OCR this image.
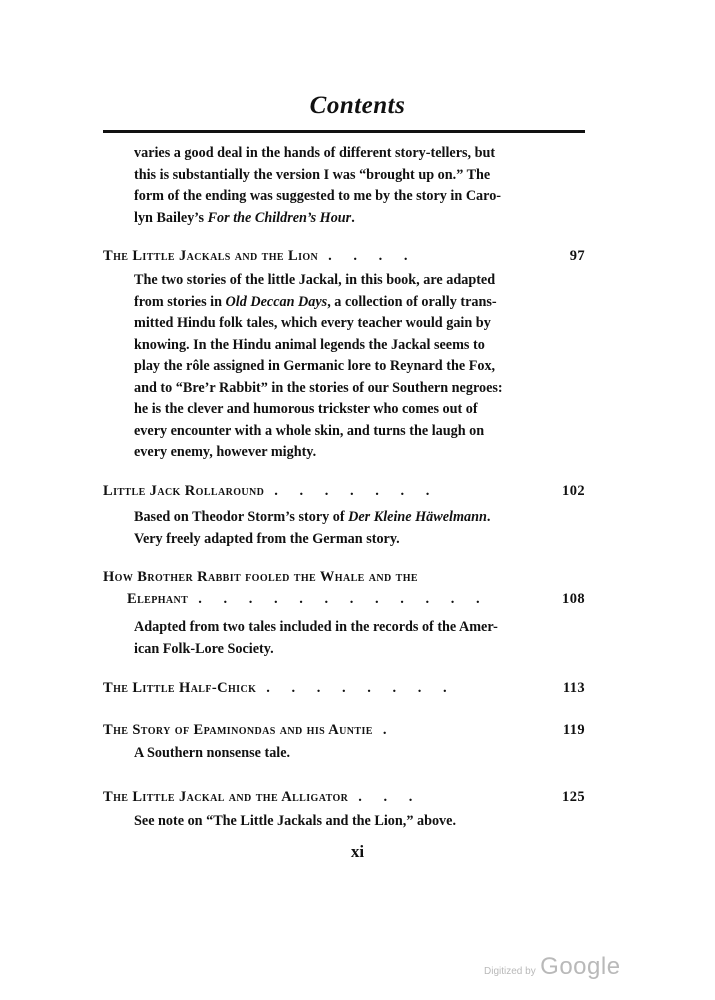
Contents
varies a good deal in the hands of different story-tellers, but
this is substantially the version I was “brought up on.” The
form of the ending was suggested to me by the story in Caro-
lyn Bailey’s For the Children’s Hour.
The Little Jackals and the Lion . . . .	97
The two stories of the little Jackal, in this book, are adapted
from stories in Old Deccan Days, a collection of orally trans-
mitted Hindu folk tales, which every teacher would gain by
knowing. In the Hindu animal legends the Jackal seems to
play the rôle assigned in Germanic lore to Reynard the Fox,
and to “Bre’r Rabbit” in the stories of our Southern negroes:
he is the clever and humorous trickster who comes out of
every encounter with a whole skin, and turns the laugh on
every enemy, however mighty.
Little Jack Rollaround . . . . . . .	102
Based on Theodor Storm’s story of Der Kleine Häwelmann.
Very freely adapted from the German story.
How Brother Rabbit fooled the Whale and the
Elephant . . . . . . . . . . . .	108
Adapted from two tales included in the records of the Amer-
ican Folk-Lore Society.
The Little Half-Chick . . . . . . . .	113
The Story of Epaminondas and his Auntie .	119
A Southern nonsense tale.
The Little Jackal and the Alligator . . .	125
See note on “The Little Jackals and the Lion,” above.
xi
Digitized by Google
